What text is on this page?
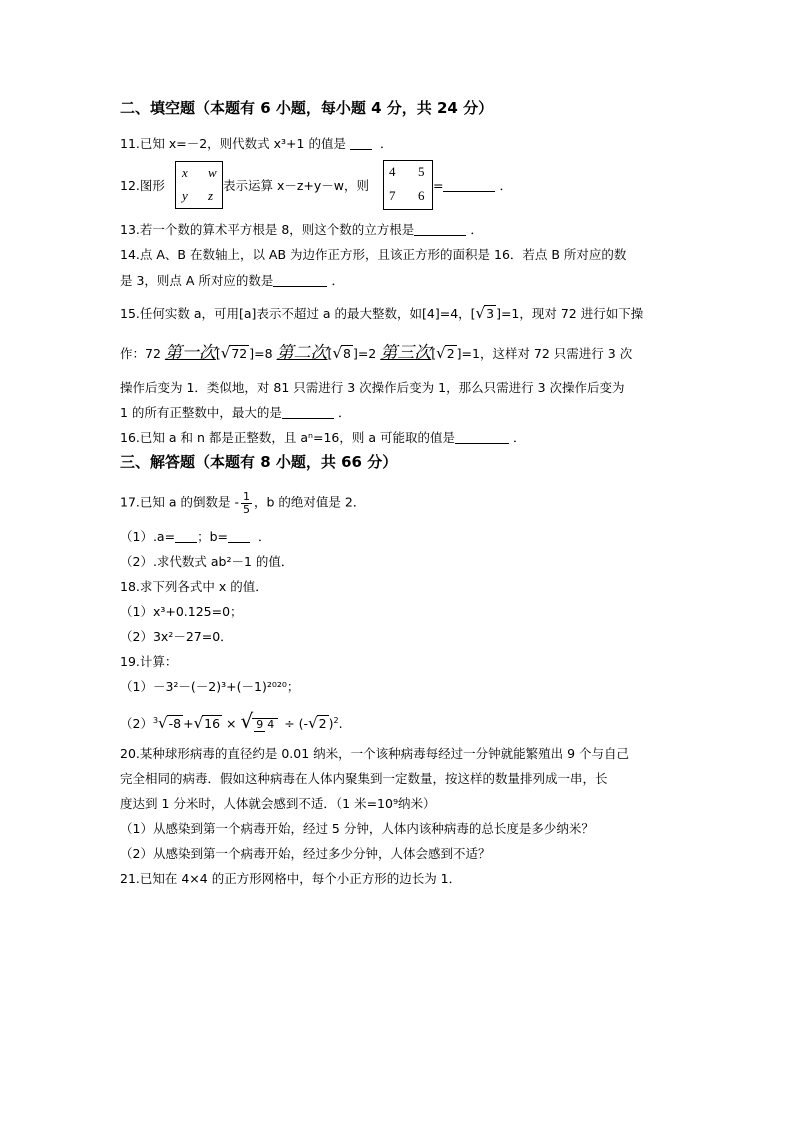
二、填空题（本题有 6 小题，每小题 4 分，共 24 分）
11.已知 x=－2，则代数式 x³+1 的值是	．
12.图形
x w
y z
表示运算 x－z+y－w，则
4 5
7 6
=	．
13.若一个数的算术平方根是 8，则这个数的立方根是	．
14.点 A、B 在数轴上，以 AB 为边作正方形，且该正方形的面积是 16．若点 B 所对应的数
是 3，则点 A 所对应的数是	．
15.任何实数 a，可用[a]表示不超过 a 的最大整数，如[4]=4，[√3 ]=1，现对 72 进行如下操
作：72 第一次[√72 ]=8 第二次[√8 ]=2 第三次[√2 ]=1，这样对 72 只需进行 3 次
操作后变为 1．类似地，对 81 只需进行 3 次操作后变为 1，那么只需进行 3 次操作后变为
1 的所有正整数中，最大的是	．
16.已知 a 和 n 都是正整数，且 aⁿ=16，则 a 可能取的值是	．
三、解答题（本题有 8 小题，共 66 分）
17.已知 a 的倒数是 - $\frac{1}{5}$ ，b 的绝对值是 2．
（1）.a= ；b= ．
（2）.求代数式 ab²－1 的值．
18.求下列各式中 x 的值．
（1）x³+0.125=0；
（2）3x²－27=0．
19.计算：
（1）－3²－(－2)³+(－1)²⁰²⁰；
$(2)^3√-8 +√16$ × √ 9 4 ÷ (-√2 )$^2$.
20.某种球形病毒的直径约是 0.01 纳米，一个该种病毒每经过一分钟就能繁殖出 9 个与自己
完全相同的病毒．假如这种病毒在人体内聚集到一定数量，按这样的数量排列成一串，长
度达到 1 分米时，人体就会感到不适．（1 米=10⁹纳米）
（1）从感染到第一个病毒开始，经过 5 分钟，人体内该种病毒的总长度是多少纳米？
（2）从感染到第一个病毒开始，经过多少分钟，人体会感到不适？
21.已知在 4×4 的正方形网格中，每个小正方形的边长为 1．
